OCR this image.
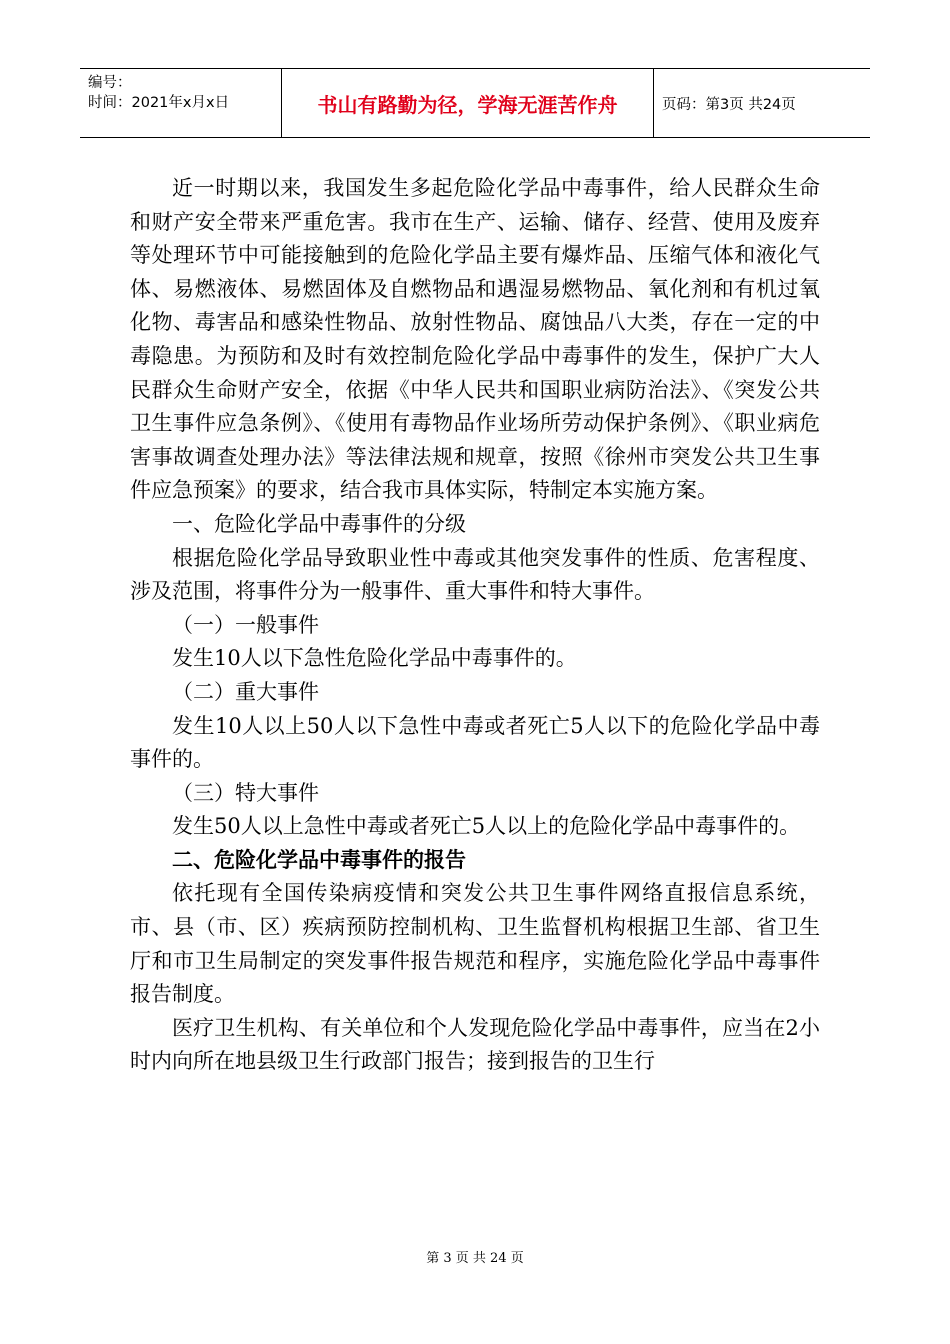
编号：
时间：2021年x月x日	书山有路勤为径，学海无涯苦作舟	页码：第3页 共24页

近一时期以来，我国发生多起危险化学品中毒事件，给人民群众生命和财产安全带来严重危害。我市在生产、运输、储存、经营、使用及废弃等处理环节中可能接触到的危险化学品主要有爆炸品、压缩气体和液化气体、易燃液体、易燃固体及自燃物品和遇湿易燃物品、氧化剂和有机过氧化物、毒害品和感染性物品、放射性物品、腐蚀品八大类，存在一定的中毒隐患。为预防和及时有效控制危险化学品中毒事件的发生，保护广大人民群众生命财产安全，依据《中华人民共和国职业病防治法》、《突发公共卫生事件应急条例》、《使用有毒物品作业场所劳动保护条例》、《职业病危害事故调查处理办法》等法律法规和规章，按照《徐州市突发公共卫生事件应急预案》的要求，结合我市具体实际，特制定本实施方案。

一、危险化学品中毒事件的分级

根据危险化学品导致职业性中毒或其他突发事件的性质、危害程度、涉及范围，将事件分为一般事件、重大事件和特大事件。

（一）一般事件

发生10人以下急性危险化学品中毒事件的。

（二）重大事件

发生10人以上50人以下急性中毒或者死亡5人以下的危险化学品中毒事件的。

（三）特大事件

发生50人以上急性中毒或者死亡5人以上的危险化学品中毒事件的。

二、危险化学品中毒事件的报告

依托现有全国传染病疫情和突发公共卫生事件网络直报信息系统，市、县（市、区）疾病预防控制机构、卫生监督机构根据卫生部、省卫生厅和市卫生局制定的突发事件报告规范和程序，实施危险化学品中毒事件报告制度。

医疗卫生机构、有关单位和个人发现危险化学品中毒事件，应当在2小时内向所在地县级卫生行政部门报告；接到报告的卫生行

第 3 页 共 24 页
